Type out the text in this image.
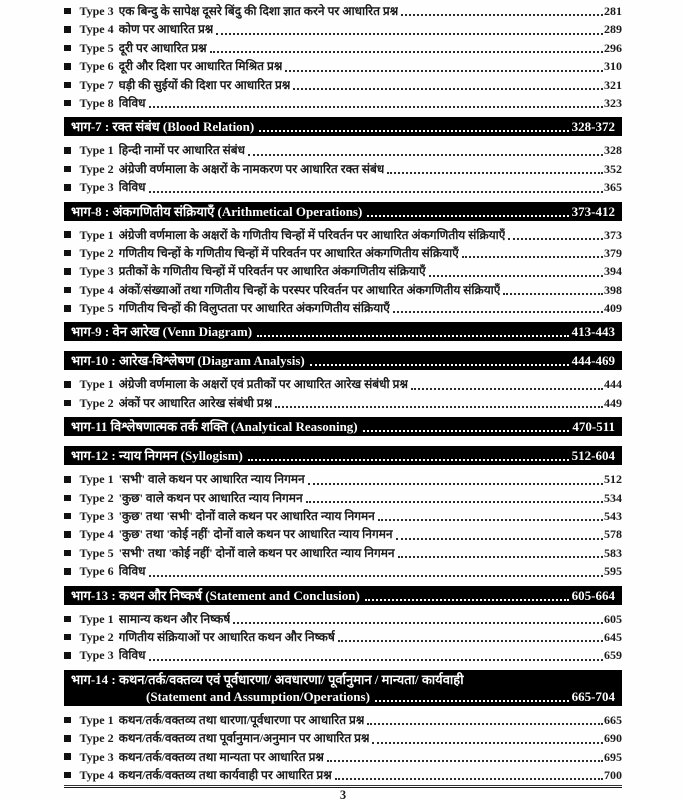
Type 3 एक बिन्दु के सापेक्ष दूसरे बिंदु की दिशा ज्ञात करने पर आधारित प्रश्न	281
Type 4 कोण पर आधारित प्रश्न	289
Type 5 दूरी पर आधारित प्रश्न	296
Type 6 दूरी और दिशा पर आधारित मिश्रित प्रश्न	310
Type 7 घड़ी की सुईयों की दिशा पर आधारित प्रश्न	321
Type 8 विविध	323
भाग-7 : रक्त संबंध (Blood Relation)	328-372
Type 1 हिन्दी नामों पर आधारित संबंध	328
Type 2 अंग्रेजी वर्णमाला के अक्षरों के नामकरण पर आधारित रक्त संबंध	352
Type 3 विविध	365
भाग-8 : अंकगणितीय संक्रियाएँ (Arithmetical Operations)	373-412
Type 1 अंग्रेजी वर्णमाला के अक्षरों के गणितीय चिन्हों में परिवर्तन पर आधारित अंकगणितीय संक्रियाएँ	373
Type 2 गणितीय चिन्हों के गणितीय चिन्हों में परिवर्तन पर आधारित अंकगणितीय संक्रियाएँ	379
Type 3 प्रतीकों के गणितीय चिन्हों में परिवर्तन पर आधारित अंकगणितीय संक्रियाएँ	394
Type 4 अंकों/संख्याओं तथा गणितीय चिन्हों के परस्पर परिवर्तन पर आधारित अंकगणितीय संक्रियाएँ	398
Type 5 गणितीय चिन्हों की विलुप्तता पर आधारित अंकगणितीय संक्रियाएँ	409
भाग-9 : वेन आरेख (Venn Diagram)	413-443
भाग-10 : आरेख-विश्लेषण (Diagram Analysis)	444-469
Type 1 अंग्रेजी वर्णमाला के अक्षरों एवं प्रतीकों पर आधारित आरेख संबंधी प्रश्न	444
Type 2 अंकों पर आधारित आरेख संबंधी प्रश्न	449
भाग-11 विश्लेषणात्मक तर्क शक्ति (Analytical Reasoning)	470-511
भाग-12 : न्याय निगमन (Syllogism)	512-604
Type 1 'सभी' वाले कथन पर आधारित न्याय निगमन	512
Type 2 'कुछ' वाले कथन पर आधारित न्याय निगमन	534
Type 3 'कुछ' तथा 'सभी' दोनों वाले कथन पर आधारित न्याय निगमन	543
Type 4 'कुछ' तथा 'कोई नहीं' दोनों वाले कथन पर आधारित न्याय निगमन	578
Type 5 'सभी' तथा 'कोई नहीं' दोनों वाले कथन पर आधारित न्याय निगमन	583
Type 6 विविध	595
भाग-13 : कथन और निष्कर्ष (Statement and Conclusion)	605-664
Type 1 सामान्य कथन और निष्कर्ष	605
Type 2 गणितीय संक्रियाओं पर आधारित कथन और निष्कर्ष	645
Type 3 विविध	659
भाग-14 : कथन/तर्क/वक्तव्य एवं पूर्वधारणा/ अवधारणा/ पूर्वानुमान / मान्यता/ कार्यवाही
(Statement and Assumption/Operations)	665-704
Type 1 कथन/तर्क/वक्तव्य तथा धारणा/पूर्वधारणा पर आधारित प्रश्न	665
Type 2 कथन/तर्क/वक्तव्य तथा पूर्वानुमान/अनुमान पर आधारित प्रश्न	690
Type 3 कथन/तर्क/वक्तव्य तथा मान्यता पर आधारित प्रश्न	695
Type 4 कथन/तर्क/वक्तव्य तथा कार्यवाही पर आधारित प्रश्न	700
3
